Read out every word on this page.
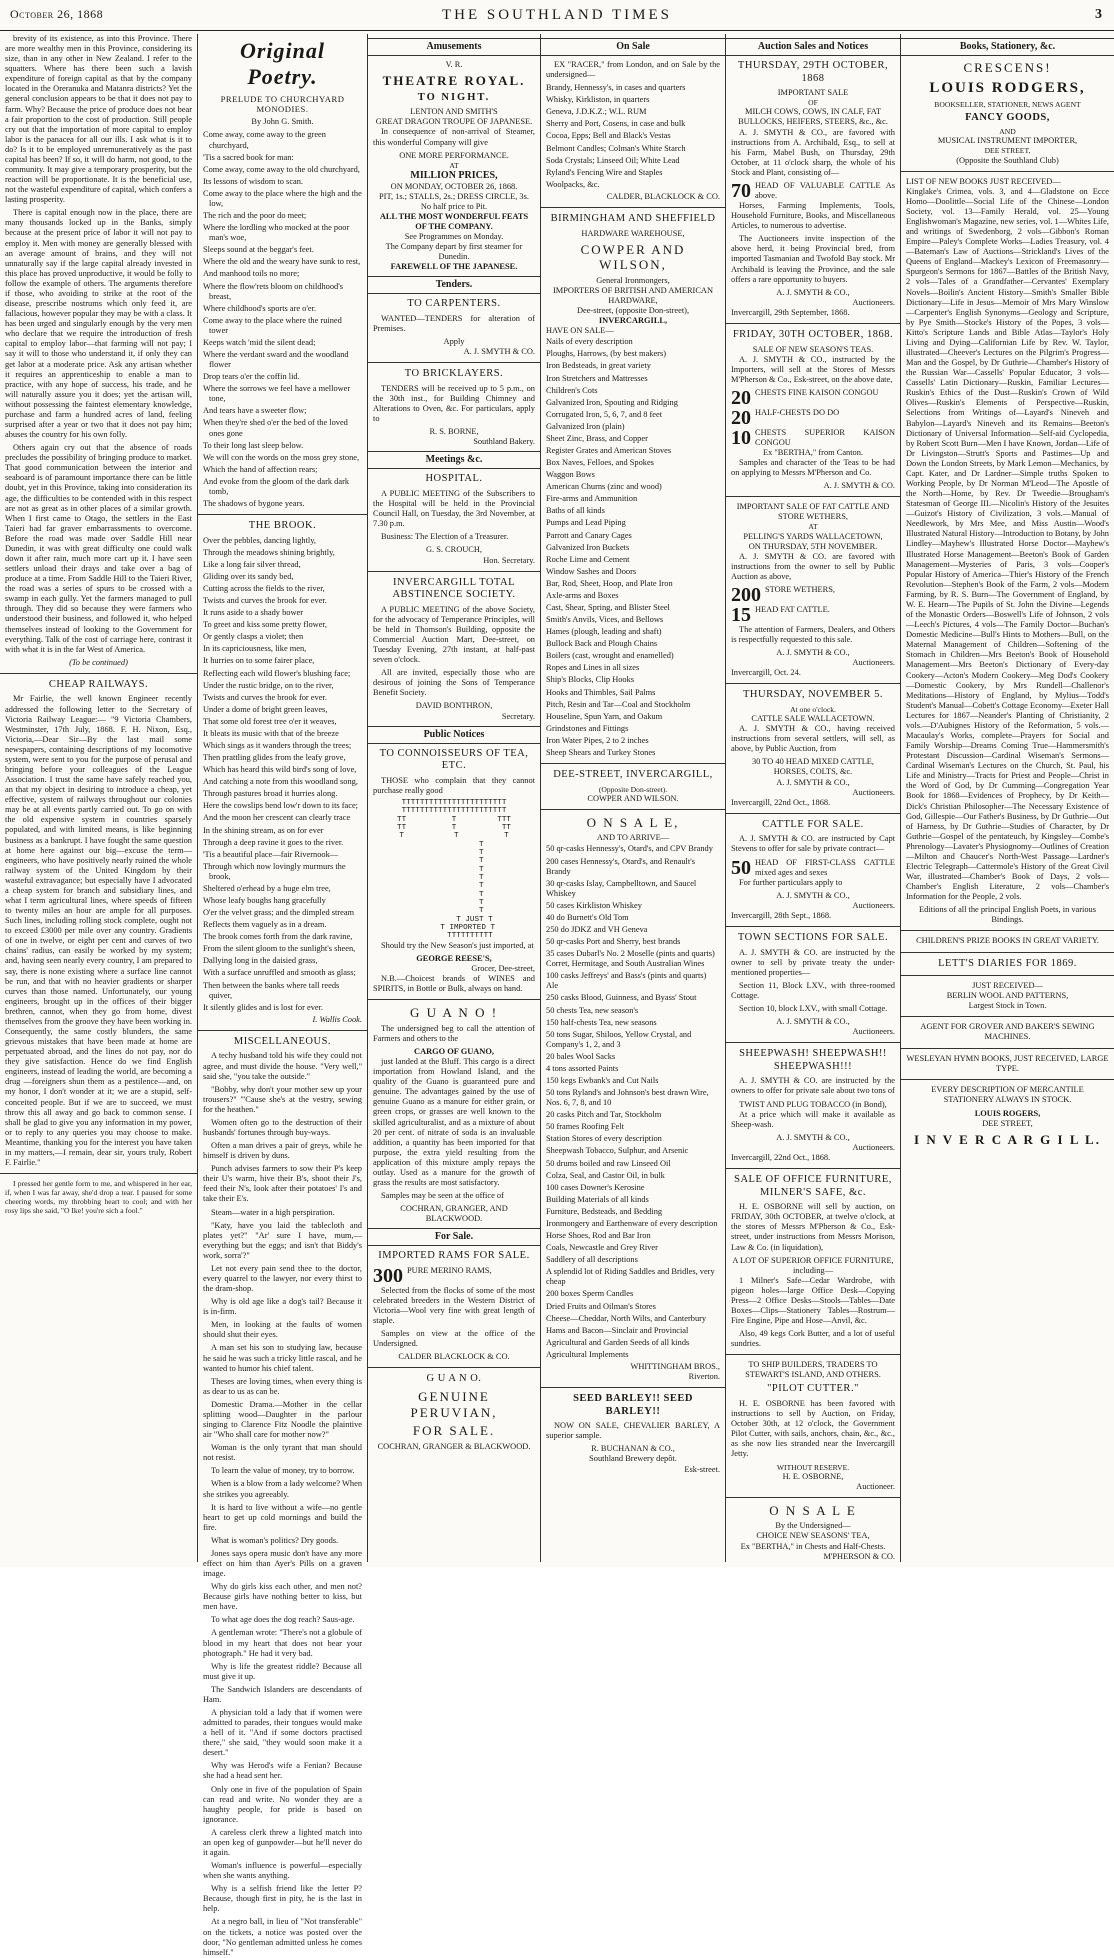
October 26, 1868	THE SOUTHLAND TIMES	3

brevity of its existence, as into this Province. There are more wealthy men in this Province, considering its size, than in any other in New Zealand. I refer to the squatters. Where has there been such a lavish expenditure of foreign capital as that by the company located in the Oreranuka and Matanra districts? Yet the general conclusion appears to be that it does not pay to farm. Why? Because the price of produce does not bear a fair proportion to the cost of production. Still people cry out that the importation of more capital to employ labor is the panacea for all our ills. I ask what is it to do? Is it to be employed unremuneratively as the past capital has been? If so, it will do harm, not good, to the community. It may give a temporary prosperity, but the reaction will be proportionate. It is the beneficial use, not the wasteful expenditure of capital, which confers a lasting prosperity.

There is capital enough now in the place, there are many thousands locked up in the Banks, simply because at the present price of labor it will not pay to employ it. Men with money are generally blessed with an average amount of brains, and they will not unnaturally say if the large capital already invested in this place has proved unproductive, it would be folly to follow the example of others. The arguments therefore if those, who avoiding to strike at the root of the disease, prescribe nostrums which only feed it, are fallacious, however popular they may be with a class. It has been urged and singularly enough by the very men who declare that we require the introduction of fresh capital to employ labor—that farming will not pay; I say it will to those who understand it, if only they can get labor at a moderate price. Ask any artisan whether it requires an apprenticeship to enable a man to practice, with any hope of success, his trade, and he will naturally assure you it does; yet the artisan will, without possessing the faintest elementary knowledge, purchase and farm a hundred acres of land, feeling surprised after a year or two that it does not pay him; abuses the country for his own folly.

Others again cry out that the absence of roads precludes the possibility of bringing produce to market. That good communication between the interior and seaboard is of paramount importance there can be little doubt, yet in this Province, taking into consideration its age, the difficulties to be contended with in this respect are not as great as in other places of a similar growth. When I first came to Otago, the settlers in the East Taieri had far graver embarrassments to overcome. Before the road was made over Saddle Hill near Dunedin, it was with great difficulty one could walk down it after rain, much more cart up it. I have seen settlers unload their drays and take over a bag of produce at a time. From Saddle Hill to the Taieri River, the road was a series of spurs to be crossed with a swamp in each gully. Yet the farmers managed to pull through. They did so because they were farmers who understood their business, and followed it, who helped themselves instead of looking to the Government for everything. Talk of the cost of carriage here, contrast it with what it is in the far West of America.

(To be continued)

CHEAP RAILWAYS.

Mr Fairlie, the well known Engineer recently addressed the following letter to the Secretary of Victoria Railway League:— "9 Victoria Chambers, Westminster, 17th July, 1868. F. H. Nixon, Esq., Victoria,—Dear Sir—By the last mail some newspapers, containing descriptions of my locomotive system, were sent to you for the purpose of perusal and bringing before your colleagues of the League Association. I trust the same have safely reached you, an that my object in desiring to introduce a cheap, yet effective, system of railways throughout our colonies may be at all events partly carried out. To go on with the old expensive system in countries sparsely populated, and with limited means, is like beginning business as a bankrupt. I have fought the same question at home here against our big—excuse the term—engineers, who have positively nearly ruined the whole railway system of the United Kingdom by their wasteful extravagance; but especially have I advocated a cheap system for branch and subsidiary lines, and what I term agricultural lines, where speeds of fifteen to twenty miles an hour are ample for all purposes. Such lines, including rolling stock complete, ought not to exceed £3000 per mile over any country. Gradients of one in twelve, or eight per cent and curves of two chains' radius, can easily be worked by my system; and, having seen nearly every country, I am prepared to say, there is none existing where a surface line cannot be run, and that with no heavier gradients or sharper curves than those named. Unfortunately, our young engineers, brought up in the offices of their bigger brethren, cannot, when they go from home, divest themselves from the groove they have been working in. Consequently, the same costly blunders, the same grievous mistakes that have been made at home are perpetuated abroad, and the lines do not pay, nor do they give satisfaction. Hence do we find English engineers, instead of leading the world, are becoming a drug —foreigners shun them as a pestilence—and, on my honor, I don't wonder at it; we are a stupid, self-conceited people. But if we are to succeed, we must throw this all away and go back to common sense. I shall be glad to give you any information in my power, or to reply to any queries you may choose to make. Meantime, thanking you for the interest you have taken in my matters,—I remain, dear sir, yours truly, Robert F. Fairlie."

I pressed her gentle form to me, and whispered in her ear, if, when I was far away, she'd drop a tear. I paused for some cheering words, my throbbing heart to cool; and with her rosy lips she said, "O Ike! you're sich a fool."

Original Poetry.
PRELUDE TO CHURCHYARD MONODIES.
By John G. Smith.
Come away, come away to the green churchyard,
'Tis a sacred book for man:
Come away, come away to the old churchyard,
Its lessons of wisdom to scan.
Come away to the place where the high and the low,
The rich and the poor do meet;
Where the lordling who mocked at the poor man's woe,
Sleeps sound at the beggar's feet.
Where the old and the weary have sunk to rest,
And manhood toils no more;
Where the flow'rets bloom on childhood's breast,
Where childhood's sports are o'er.
Come away to the place where the ruined tower
Keeps watch 'mid the silent dead;
Where the verdant sward and the woodland flower
Drop tears o'er the coffin lid.
Where the sorrows we feel have a mellower tone,
And tears have a sweeter flow;
When they're shed o'er the bed of the loved ones gone
To their long last sleep below.
We will con the words on the moss grey stone,
Which the hand of affection rears;
And evoke from the gloom of the dark dark tomb,
The shadows of bygone years.
THE BROOK.
Over the pebbles, dancing lightly,
Through the meadows shining brightly,
Like a long fair silver thread,
Gliding over its sandy bed,
Cutting across the fields to the river,
Twists and curves the brook for ever.
It runs aside to a shady bower
To greet and kiss some pretty flower,
Or gently clasps a violet; then
In its capriciousness, like men,
It hurries on to some fairer place,
Reflecting each wild flower's blushing face;
Under the rustic bridge, on to the river,
Twists and curves the brook for ever.
Under a dome of bright green leaves,
That some old forest tree o'er it weaves,
It bleats its music with that of the breeze
Which sings as it wanders through the trees;
Then prattling glides from the leafy grove,
Which has heard this wild bird's song of love,
And catching a note from this woodland song,
Through pastures broad it hurries along.
Here the cowslips bend low'r down to its face;
And the moon her crescent can clearly trace
In the shining stream, as on for ever
Through a deep ravine it goes to the river.
'Tis a beautiful place—fair Rivernook—
Through which now lovingly murmurs the brook,
Sheltered o'erhead by a huge elm tree,
Whose leafy boughs hang gracefully
O'er the velvet grass; and the dimpled stream
Reflects them vaguely as in a dream.
The brook comes forth from the dark ravine,
From the silent gloom to the sunlight's sheen,
Dallying long in the daisied grass,
With a surface unruffled and smooth as glass;
Then between the banks where tall reeds quiver,
It silently glides and is lost for ever.

I. Wallis Cook.

MISCELLANEOUS.

A techy husband told his wife they could not agree, and must divide the house. "Very well," said she, "you take the outside."

"Bobby, why don't your mother sew up your trousers?" "'Cause she's at the vestry, sewing for the heathen."

Women often go to the destruction of their husbands' fortunes through buy-ways.

Often a man drives a pair of greys, while he himself is driven by duns.

Punch advises farmers to sow their P's keep their U's warm, hive their B's, shoot their J's, feed their N's, look after their potatoes' I's and take their E's.

Steam—water in a high perspiration.

"Katy, have you laid the tablecloth and plates yet?" "Ar' sure I have, mum,—everything but the eggs; and isn't that Biddy's work, sorra'?"

Let not every pain send thee to the doctor, every quarrel to the lawyer, nor every thirst to the dram-shop.

Why is old age like a dog's tail? Because it is in-firm.

Men, in looking at the faults of women should shut their eyes.

A man set his son to studying law, because he said he was such a tricky little rascal, and he wanted to humor his chief talent.

Theses are loving times, when every thing is as dear to us as can be.

Domestic Drama.—Mother in the cellar splitting wood—Daughter in the parlour singing to Clarence Fitz Noodle the plaintive air "Who shall care for mother now?"

Woman is the only tyrant that man should not resist.

To learn the value of money, try to borrow.

When is a blow from a lady welcome? When she strikes you agreeably.

It is hard to live without a wife—no gentle heart to get up cold mornings and build the fire.

What is woman's politics? Dry goods.

Jones says opera music don't have any more effect on him than Ayer's Pills on a graven image.

Why do girls kiss each other, and men not? Because girls have nothing better to kiss, but men have.

To what age does the dog reach? Saus-age.

A gentleman wrote: "There's not a globule of blood in my heart that does not bear your photograph." He had it very bad.

Why is life the greatest riddle? Because all must give it up.

The Sandwich Islanders are descendants of Ham.

A physician told a lady that if women were admitted to parades, their tongues would make a hell of it. "And if some doctors practised there," she said, "they would soon make it a desert."

Why was Herod's wife a Fenian? Because she had a head sent her.

Only one in five of the population of Spain can read and write. No wonder they are a haughty people, for pride is based on ignorance.

A careless clerk threw a lighted match into an open keg of gunpowder—but he'll never do it again.

Woman's influence is powerful—especially when she wants anything.

Why is a selfish friend like the letter P? Because, though first in pity, he is the last in help.

At a negro ball, in lieu of "Not transferable" on the tickets, a notice was posted over the door, "No gentleman admitted unless he comes himself."

Amusements
V. R.
THEATRE ROYAL.
TO NIGHT.
LENTON AND SMITH'S
GREAT DRAGON TROUPE OF JAPANESE.

In consequence of non-arrival of Steamer, this wonderful Company will give

ONE MORE PERFORMANCE.
AT
MILLION PRICES,
ON MONDAY, OCTOBER 26, 1868.
PIT, 1s.; STALLS, 2s.; DRESS CIRCLE, 3s.
No half price to Pit.
ALL THE MOST WONDERFUL FEATS OF THE COMPANY.
See Programmes on Monday.
The Company depart by first steamer for Dunedin.
FAREWELL OF THE JAPANESE.
Tenders.
TO CARPENTERS.

WANTED—TENDERS for alteration of Premises.

Apply
A. J. SMYTH & CO.
TO BRICKLAYERS.

TENDERS will be received up to 5 p.m., on the 30th inst., for Building Chimney and Alterations to Oven, &c. For particulars, apply to

R. S. BORNE,
Southland Bakery.
Meetings &c.
HOSPITAL.

A PUBLIC MEETING of the Subscribers to the Hospital will be held in the Provincial Council Hall, on Tuesday, the 3rd November, at 7.30 p.m.

Business: The Election of a Treasurer.

G. S. CROUCH,
Hon. Secretary.
INVERCARGILL TOTAL ABSTINENCE SOCIETY.

A PUBLIC MEETING of the above Society, for the advocacy of Temperance Principles, will be held in Thomson's Building, opposite the Commercial Auction Mart, Dee-street, on Tuesday Evening, 27th instant, at half-past seven o'clock.

All are invited, especially those who are desirous of joining the Sons of Temperance Benefit Society.

DAVID BONTHRON,
Secretary.
Public Notices
TO CONNOISSEURS OF TEA, ETC.

THOSE who complain that they cannot purchase really good

TTTTTTTTTTTTTTTTTTTTTTT
TTTTTTTTTTTTTTTTTTTTTTT
TT          T         TTT
TT          T          TT
T           T          T
T
T
T
T
T
T
T
T
T
T JUST T
T IMPORTED T
TTTTTTTTTT

Should try the New Season's just imported, at

GEORGE REESE'S,
Grocer, Dee-street,

N.B.—Choicest brands of WINES and SPIRITS, in Bottle or Bulk, always on hand.

G U A N O !

The undersigned beg to call the attention of Farmers and others to the

CARGO OF GUANO,

just landed at the Bluff. This cargo is a direct importation from Howland Island, and the quality of the Guano is guaranteed pure and genuine. The advantages gained by the use of genuine Guano as a manure for either grain, or green crops, or grasses are well known to the skilled agriculturalist, and as a mixture of about 20 per cent. of nitrate of soda is an invaluable addition, a quantity has been imported for that purpose, the extra yield resulting from the application of this mixture amply repays the outlay. Used as a manure for the growth of grass the results are most satisfactory.

Samples may be seen at the office of

COCHRAN, GRANGER, AND BLACKWOOD.
For Sale.
IMPORTED RAMS FOR SALE.
300 PURE MERINO RAMS,

Selected from the flocks of some of the most celebrated breeders in the Western District of Victoria—Wool very fine with great length of staple.

Samples on view at the office of the Undersigned.

CALDER BLACKLOCK & CO.
G U A N O.
GENUINE PERUVIAN,
FOR SALE.
COCHRAN, GRANGER & BLACKWOOD.
On Sale

EX "RACER," from London, and on Sale by the undersigned—

Brandy, Hennessy's, in cases and quarters
Whisky, Kirkliston, in quarters
Geneva, J.D.K.Z.; W.L. RUM
Sherry and Port, Cosens, in case and bulk
Cocoa, Epps; Bell and Black's Vestas
Belmont Candles; Colman's White Starch
Soda Crystals; Linseed Oil; White Lead
Ryland's Fencing Wire and Staples
Woolpacks, &c.
CALDER, BLACKLOCK & CO.
BIRMINGHAM AND SHEFFIELD
HARDWARE WAREHOUSE,
COWPER AND WILSON,
General Ironmongers,
IMPORTERS OF BRITISH AND AMERICAN
HARDWARE,
Dee-street, (opposite Don-street),
INVERCARGILL,
HAVE ON SALE—
Nails of every description
Ploughs, Harrows, (by best makers)
Iron Bedsteads, in great variety
Iron Stretchers and Mattresses
Children's Cots
Galvanized Iron, Spouting and Ridging
Corrugated Iron, 5, 6, 7, and 8 feet
Galvanized Iron (plain)
Sheet Zinc, Brass, and Copper
Register Grates and American Stoves
Box Naves, Felloes, and Spokes
Waggon Bows
American Churns (zinc and wood)
Fire-arms and Ammunition
Baths of all kinds
Pumps and Lead Piping
Parrott and Canary Cages
Galvanized Iron Buckets
Roche Lime and Cement
Window Sashes and Doors
Bar, Rod, Sheet, Hoop, and Plate Iron
Axle-arms and Boxes
Cast, Shear, Spring, and Blister Steel
Smith's Anvils, Vices, and Bellows
Hames (plough, leading and shaft)
Bullock Back and Plough Chains
Boilers (cast, wrought and enamelled)
Ropes and Lines in all sizes
Ship's Blocks, Clip Hooks
Hooks and Thimbles, Sail Palms
Pitch, Resin and Tar—Coal and Stockholm
Houseline, Spun Yarn, and Oakum
Grindstones and Fittings
Iron Water Pipes, 2 to 2 inches
Sheep Shears and Turkey Stones
DEE-STREET, INVERCARGILL,
(Opposite Don-street).
COWPER AND WILSON.
O N S A L E,
AND TO ARRIVE—
50 qr-casks Hennessy's, Otard's, and CPV Brandy
200 cases Hennessy's, Otard's, and Renault's Brandy
30 qr-casks Islay, Campbelltown, and Saucel Whiskey
50 cases Kirkliston Whiskey
40 do Burnett's Old Tom
250 do JDKZ and VH Geneva
50 qr-casks Port and Sherry, best brands
35 cases Dubarl's No. 2 Moselle (pints and quarts) Corret, Hermitage, and South Australian Wines
100 casks Jeffreys' and Bass's (pints and quarts) Ale
250 casks Blood, Guinness, and Byass' Stout
50 chests Tea, new season's
150 half-chests Tea, new seasons
50 tons Sugar, Shiloos, Yellow Crystal, and Company's 1, 2, and 3
20 bales Wool Sacks
4 tons assorted Paints
150 kegs Ewbank's and Cut Nails
50 tons Ryland's and Johnson's best drawn Wire, Nos. 6, 7, 8, and 10
20 casks Pitch and Tar, Stockholm
50 frames Roofing Felt
Station Stores of every description
Sheepwash Tobacco, Sulphur, and Arsenic
50 drums boiled and raw Linseed Oil
Colza, Seal, and Castor Oil, in bulk
100 cases Downer's Kerosine
Building Materials of all kinds
Furniture, Bedsteads, and Bedding
Ironmongery and Earthenware of every description
Horse Shoes, Rod and Bar Iron
Coals, Newcastle and Grey River
Saddlery of all descriptions
A splendid lot of Riding Saddles and Bridles, very cheap
200 boxes Sperm Candles
Dried Fruits and Oilman's Stores
Cheese—Cheddar, North Wilts, and Canterbury
Hams and Bacon—Sinclair and Provincial
Agricultural and Garden Seeds of all kinds
Agricultural Implements
WHITTINGHAM BROS.,
Riverton.
SEED BARLEY!! SEED BARLEY!!

NOW ON SALE, CHEVALIER BARLEY, A superior sample.

R. BUCHANAN & CO.,
Southland Brewery depôt.
Esk-street.
Auction Sales and Notices
THURSDAY, 29TH OCTOBER, 1868
IMPORTANT SALE
OF
MILCH COWS, COWS, IN CALF, FAT BULLOCKS, HEIFERS, STEERS, &c., &c.

A. J. SMYTH & CO., are favored with instructions from A. Archibald, Esq., to sell at his Farm, Mabel Bush, on Thursday, 29th October, at 11 o'clock sharp, the whole of his Stock and Plant, consisting of—

70 HEAD OF VALUABLE CATTLE As above.

Horses, Farming Implements, Tools, Household Furniture, Books, and Miscellaneous Articles, to numerous to advertise.

The Auctioneers invite inspection of the above herd, it being Provincial bred, from imported Tasmanian and Twofold Bay stock. Mr Archibald is leaving the Province, and the sale offers a rare opportunity to buyers.

A. J. SMYTH & CO.,
Auctioneers.
Invercargill, 29th September, 1868.
FRIDAY, 30TH OCTOBER, 1868.
SALE OF NEW SEASON'S TEAS.

A. J. SMYTH & CO., instructed by the Importers, will sell at the Stores of Messrs M'Pherson & Co., Esk-street, on the above date,

20 CHESTS FINE KAISON CONGOU
20 HALF-CHESTS DO DO
10 CHESTS SUPERIOR KAISON CONGOU
Ex "BERTHA," from Canton.

Samples and character of the Teas to be had on applying to Messrs M'Pherson and Co.

A. J. SMYTH & CO.
IMPORTANT SALE OF FAT CATTLE AND STORE WETHERS,
AT
PELLING'S YARDS WALLACETOWN,
ON THURSDAY, 5TH NOVEMBER.

A. J. SMYTH & CO. are favored with instructions from the owner to sell by Public Auction as above,

200 STORE WETHERS,
15 HEAD FAT CATTLE.

The attention of Farmers, Dealers, and Others is respectfully requested to this sale.

A. J. SMYTH & CO.,
Auctioneers.
Invercargill, Oct. 24.
THURSDAY, NOVEMBER 5.
At one o'clock.
CATTLE SALE WALLACETOWN.

A. J. SMYTH & CO., having received instructions from several settlers, will sell, as above, by Public Auction, from

30 TO 40 HEAD MIXED CATTLE,
HORSES, COLTS, &c.
A. J. SMYTH & CO.,
Auctioneers.
Invercargill, 22nd Oct., 1868.
CATTLE FOR SALE.

A. J. SMYTH & CO. are instructed by Capt Stevens to offer for sale by private contract—

50 HEAD OF FIRST-CLASS CATTLE mixed ages and sexes

For further particulars apply to

A. J. SMYTH & CO.,
Auctioneers.
Invercargill, 28th Sept., 1868.
TOWN SECTIONS FOR SALE.

A. J. SMYTH & CO. are instructed by the owner to sell by private treaty the under-mentioned properties—

Section 11, Block LXV., with three-roomed Cottage.

Section 10, block LXV., with small Cottage.

A. J. SMYTH & CO.,
Auctioneers.
SHEEPWASH! SHEEPWASH!! SHEEPWASH!!!

A. J. SMYTH & CO. are instructed by the owners to offer for private sale about two tons of

TWIST AND PLUG TOBACCO (in Bond),

At a price which will make it available as Sheep-wash.

A. J. SMYTH & CO.,
Auctioneers.
Invercargill, 22nd Oct., 1868.
SALE OF OFFICE FURNITURE, MILNER'S SAFE, &c.

H. E. OSBORNE will sell by auction, on FRIDAY, 30th OCTOBER, at twelve o'clock, at the stores of Messrs M'Pherson & Co., Esk-street, under instructions from Messrs Morison, Law & Co. (in liquidation),

A LOT OF SUPERIOR OFFICE FURNITURE, including—

1 Milner's Safe—Cedar Wardrobe, with pigeon holes—large Office Desk—Copying Press—2 Office Desks—Stools—Tables—Date Boxes—Clips—Stationery Tables—Rostrum—Fire Engine, Pipe and Hose—Anvil, &c.

Also, 49 kegs Cork Butter, and a lot of useful sundries.

TO SHIP BUILDERS, TRADERS TO STEWART'S ISLAND, AND OTHERS.
"PILOT CUTTER."

H. E. OSBORNE has been favored with instructions to sell by Auction, on Friday, October 30th, at 12 o'clock, the Government Pilot Cutter, with sails, anchors, chain, &c., &c., as she now lies stranded near the Invercargill Jetty.

WITHOUT RESERVE.
H. E. OSBORNE,
Auctioneer.
O N S A L E
By the Undersigned—
CHOICE NEW SEASONS' TEA,
Ex "BERTHA," in Chests and Half-Chests.
M'PHERSON & CO.
Books, Stationery, &c.
CRESCENS!
LOUIS RODGERS,
BOOKSELLER, STATIONER, NEWS AGENT
FANCY GOODS,
AND
MUSICAL INSTRUMENT IMPORTER,
DEE STREET,
(Opposite the Southland Club)
LIST OF NEW BOOKS JUST RECEIVED—

Kinglake's Crimea, vols. 3, and 4—Gladstone on Ecce Homo—Doolittle—Social Life of the Chinese—London Society, vol. 13—Family Herald, vol. 25—Young Englishwoman's Magazine, new series, vol. 1—Whites Life, and writings of Swedenborg, 2 vols—Gibbon's Roman Empire—Paley's Complete Works—Ladies Treasury, vol. 4—Bateman's Law of Auctions—Strickland's Lives of the Queens of England—Mackey's Lexicon of Freemasonry—Spurgeon's Sermons for 1867—Battles of the British Navy, 2 vols—Tales of a Grandfather—Cervantes' Exemplary Novels—Boilin's Ancient History—Smith's Smaller Bible Dictionary—Life in Jesus—Memoir of Mrs Mary Winslow—Carpenter's English Synonyms—Geology and Scripture, by Pye Smith—Stocke's History of the Popes, 3 vols—Kitto's Scripture Lands and Bible Atlas—Taylor's Holy Living and Dying—Californian Life by Rev. W. Taylor, illustrated—Cheever's Lectures on the Pilgrim's Progress—Man and the Gospel, by Dr Guthrie—Chamber's History of the Russian War—Cassells' Popular Educator, 3 vols—Cassells' Latin Dictionary—Ruskin, Familiar Lectures—Ruskin's Ethics of the Dust—Ruskin's Crown of Wild Olives—Ruskin's Elements of Perspective—Ruskin, Selections from Writings of—Layard's Nineveh and Babylon—Layard's Nineveh and its Remains—Beeton's Dictionary of Universal Information—Self-aid Cyclopedia, by Robert Scott Burn—Men I have Known, Jordan—Life of Dr Livingston—Strutt's Sports and Pastimes—Up and Down the London Streets, by Mark Lemon—Mechanics, by Capt. Kater, and Dr Lardner—Simple truths Spoken to Working People, by Dr Norman M'Leod—The Apostle of the North—Home, by Rev. Dr Tweedie—Brougham's Statesman of George III.—Nicolin's History of the Jesuites—Guizot's History of Civilization, 3 vols.—Manual of Needlework, by Mrs Mee, and Miss Austin—Wood's Illustrated Natural History—Introduction to Botany, by John Lindley—Mayhew's Illustrated Horse Doctor—Mayhew's Illustrated Horse Management—Beeton's Book of Garden Management—Mysteries of Paris, 3 vols—Cooper's Popular History of America—Thier's History of the French Revolution—Stephen's Book of the Farm, 2 vols—Modern Farming, by R. S. Burn—The Government of England, by W. E. Hearn—The Pupils of St. John the Divine—Legends of the Monastic Orders—Boswell's Life of Johnson, 2 vols—Leech's Pictures, 4 vols—The Family Doctor—Buchan's Domestic Medicine—Bull's Hints to Mothers—Bull, on the Maternal Management of Children—Softening of the Stomach in Children—Mrs Beeton's Book of Household Management—Mrs Beeton's Dictionary of Every-day Cookery—Acton's Modern Cookery—Meg Dod's Cookery—Domestic Cookery, by Mrs Rundell—Challenor's Meditations—History of England, by Mylius—Todd's Student's Manual—Cobett's Cottage Economy—Exeter Hall Lectures for 1867—Neander's Planting of Christianity, 2 vols.—D'Aubignes History of the Reformation, 5 vols.—Macaulay's Works, complete—Prayers for Social and Family Worship—Dreams Coming True—Hammersmith's Protestant Discussion—Cardinal Wiseman's Sermons—Cardinal Wiseman's Lectures on the Church, St. Paul, his Life and Ministry—Tracts for Priest and People—Christ in the Word of God, by Dr Cumming—Congregation Year Book for 1868—Evidences of Prophecy, by Dr Keith—Dick's Christian Philosopher—The Necessary Existence of God, Gillespie—Our Father's Business, by Dr Guthrie—Out of Harness, by Dr Guthrie—Studies of Character, by Dr Guthrie—Gospel of the pentateuch, by Kingsley—Combe's Phrenology—Lavater's Physiognomy—Outlines of Creation—Milton and Chaucer's North-West Passage—Lardner's Electric Telegraph—Cattermole's History of the Great Civil War, illustrated—Chamber's Book of Days, 2 vols—Chamber's English Literature, 2 vols—Chamber's Information for the People, 2 vols.

Editions of all the principal English Poets, in various Bindings.
CHILDREN'S PRIZE BOOKS IN GREAT VARIETY.
LETT'S DIARIES FOR 1869.
JUST RECEIVED—
BERLIN WOOL AND PATTERNS,
Largest Stock in Town.
AGENT FOR GROVER AND BAKER'S SEWING MACHINES.
WESLEYAN HYMN BOOKS, JUST RECEIVED, LARGE TYPE.
EVERY DESCRIPTION OF MERCANTILE STATIONERY ALWAYS IN STOCK.
LOUIS ROGERS,
DEE STREET,
I N V E R C A R G I L L.
